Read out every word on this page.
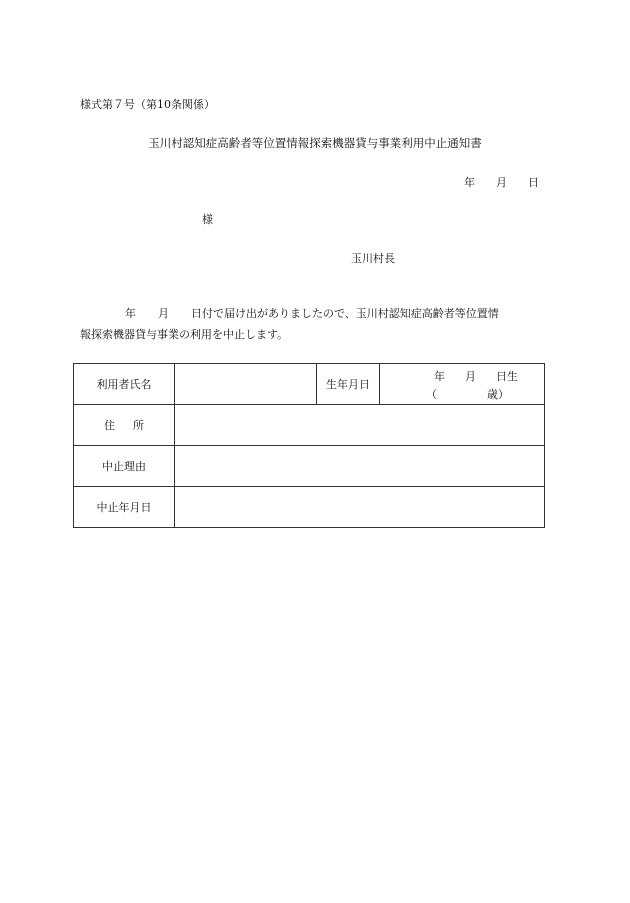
様式第７号（第10条関係）
玉川村認知症高齢者等位置情報探索機器貸与事業利用中止通知書
年 月 日
様
玉川村長
年 月 日付で届け出がありましたので、玉川村認知症高齢者等位置情
報探索機器貸与事業の利用を中止します。
利用者氏名		生年月日	年 月 日生
（ 歳）

住 所			
中止理由			
中止年月日			
